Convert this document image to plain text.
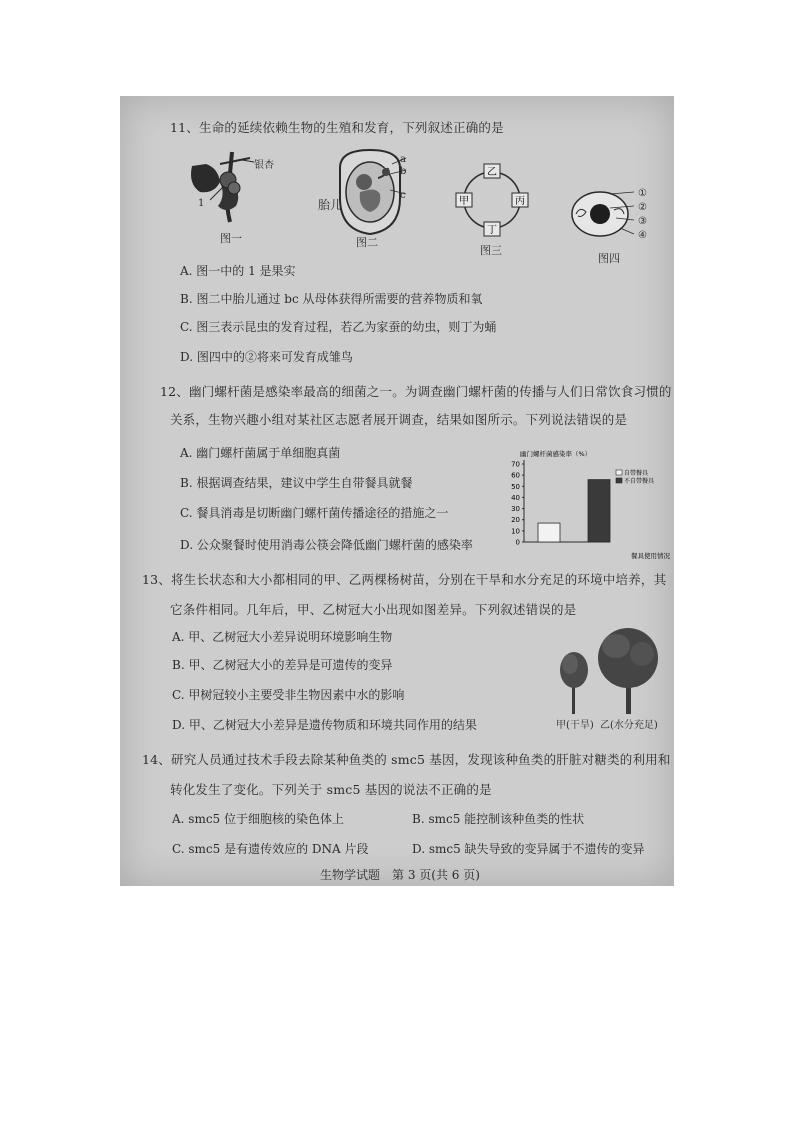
11、生命的延续依赖生物的生殖和发育，下列叙述正确的是
银杏
1
图一
a
b
c
胎儿
图二
乙
甲	丙
丁
图三
①
②
③
④
图四
A. 图一中的 1 是果实
B. 图二中胎儿通过 bc 从母体获得所需要的营养物质和氧
C. 图三表示昆虫的发育过程，若乙为家蚕的幼虫，则丁为蛹
D. 图四中的②将来可发育成雏鸟
12、幽门螺杆菌是感染率最高的细菌之一。为调查幽门螺杆菌的传播与人们日常饮食习惯的
关系，生物兴趣小组对某社区志愿者展开调查，结果如图所示。下列说法错误的是
A. 幽门螺杆菌属于单细胞真菌
B. 根据调查结果，建议中学生自带餐具就餐
C. 餐具消毒是切断幽门螺杆菌传播途径的措施之一
D. 公众聚餐时使用消毒公筷会降低幽门螺杆菌的感染率
幽门螺杆菌感染率（%）
餐具使用情况
0
10
20
30
40
50
60
70
自带餐具
不自带餐具
13、将生长状态和大小都相同的甲、乙两棵杨树苗，分别在干旱和水分充足的环境中培养，其
它条件相同。几年后，甲、乙树冠大小出现如图差异。下列叙述错误的是
A. 甲、乙树冠大小差异说明环境影响生物
B. 甲、乙树冠大小的差异是可遗传的变异
C. 甲树冠较小主要受非生物因素中水的影响
D. 甲、乙树冠大小差异是遗传物质和环境共同作用的结果	甲(干旱) 乙(水分充足)
14、研究人员通过技术手段去除某种鱼类的 smc5 基因，发现该种鱼类的肝脏对糖类的利用和
转化发生了变化。下列关于 smc5 基因的说法不正确的是
A. smc5 位于细胞核的染色体上	B. smc5 能控制该种鱼类的性状
C. smc5 是有遗传效应的 DNA 片段	D. smc5 缺失导致的变异属于不遗传的变异
生物学试题　第 3 页(共 6 页)
